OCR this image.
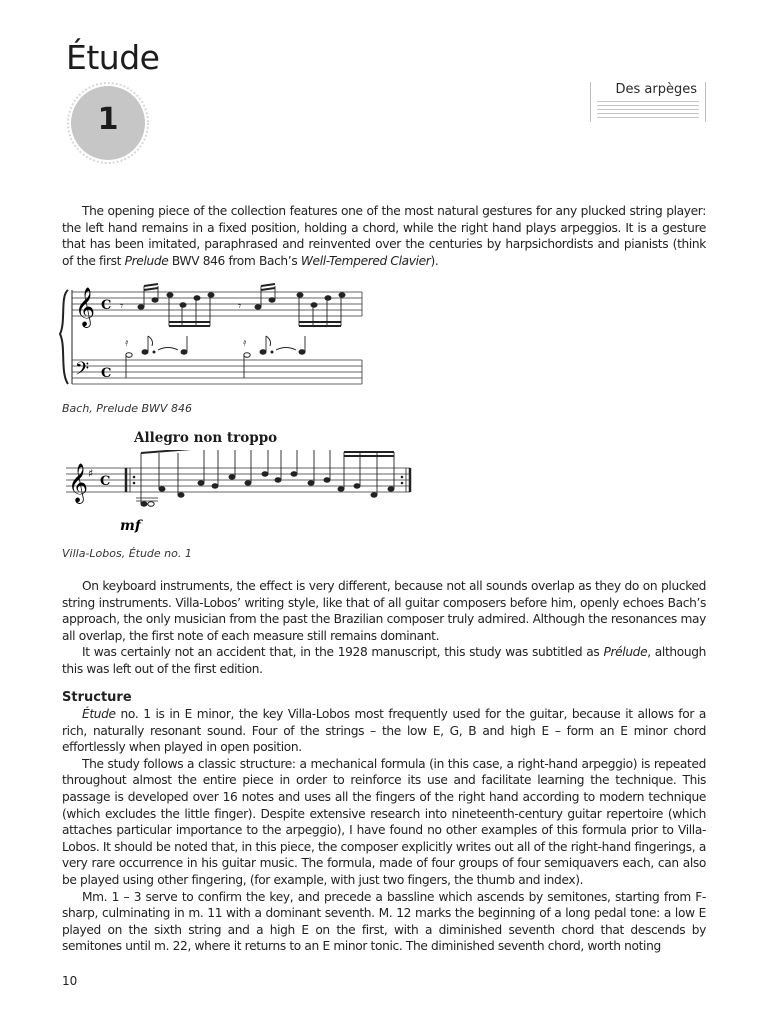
Étude
1
Des arpèges

The opening piece of the collection features one of the most natural gestures for any plucked string player: the left hand remains in a fixed position, holding a chord, while the right hand plays arpeggios. It is a gesture that has been imitated, paraphrased and reinvented over the centuries by harpsichordists and pianists (think of the first Prelude BWV 846 from Bach’s Well-Tempered Clavier).

𝄞 C
𝄢 C
𝄾	𝄾
𝄿	𝄿
Bach, Prelude BWV 846
Allegro non troppo
𝄞 ♯
C
mf
Villa-Lobos, Étude no. 1

On keyboard instruments, the effect is very different, because not all sounds overlap as they do on plucked string instruments. Villa-Lobos’ writing style, like that of all guitar composers before him, openly echoes Bach’s approach, the only musician from the past the Brazilian composer truly admired. Although the resonances may all overlap, the first note of each measure still remains dominant.

It was certainly not an accident that, in the 1928 manuscript, this study was subtitled as Prélude, although this was left out of the first edition.

Structure

Étude no. 1 is in E minor, the key Villa-Lobos most frequently used for the guitar, because it allows for a rich, naturally resonant sound. Four of the strings – the low E, G, B and high E – form an E minor chord effortlessly when played in open position.

The study follows a classic structure: a mechanical formula (in this case, a right-hand arpeggio) is repeated throughout almost the entire piece in order to reinforce its use and facilitate learning the technique. This passage is developed over 16 notes and uses all the fingers of the right hand according to modern technique (which excludes the little finger). Despite extensive research into nineteenth-century guitar repertoire (which attaches particular importance to the arpeggio), I have found no other examples of this formula prior to Villa-Lobos. It should be noted that, in this piece, the composer explicitly writes out all of the right-hand fingerings, a very rare occurrence in his guitar music. The formula, made of four groups of four semiquavers each, can also be played using other fingering, (for example, with just two fingers, the thumb and index).

Mm. 1 – 3 serve to confirm the key, and precede a bassline which ascends by semitones, starting from F-sharp, culminating in m. 11 with a dominant seventh. M. 12 marks the beginning of a long pedal tone: a low E played on the sixth string and a high E on the first, with a diminished seventh chord that descends by semitones until m. 22, where it returns to an E minor tonic. The diminished seventh chord, worth noting

10
